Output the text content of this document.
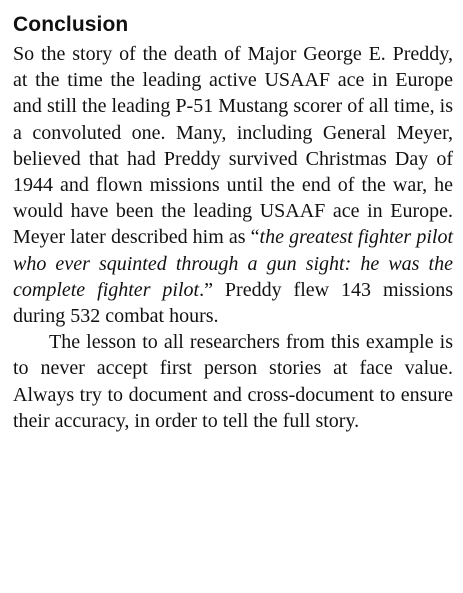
Conclusion

So the story of the death of Major George E. Preddy, at the time the leading active USAAF ace in Europe and still the leading P-51 Mustang scorer of all time, is a convoluted one. Many, including General Meyer, believed that had Preddy survived Christmas Day of 1944 and flown missions until the end of the war, he would have been the leading USAAF ace in Europe. Meyer later described him as “the greatest fighter pilot who ever squinted through a gun sight: he was the complete fighter pilot.” Preddy flew 143 missions during 532 combat hours.

The lesson to all researchers from this example is to never accept first person stories at face value. Always try to document and cross-document to ensure their accuracy, in order to tell the full story.
